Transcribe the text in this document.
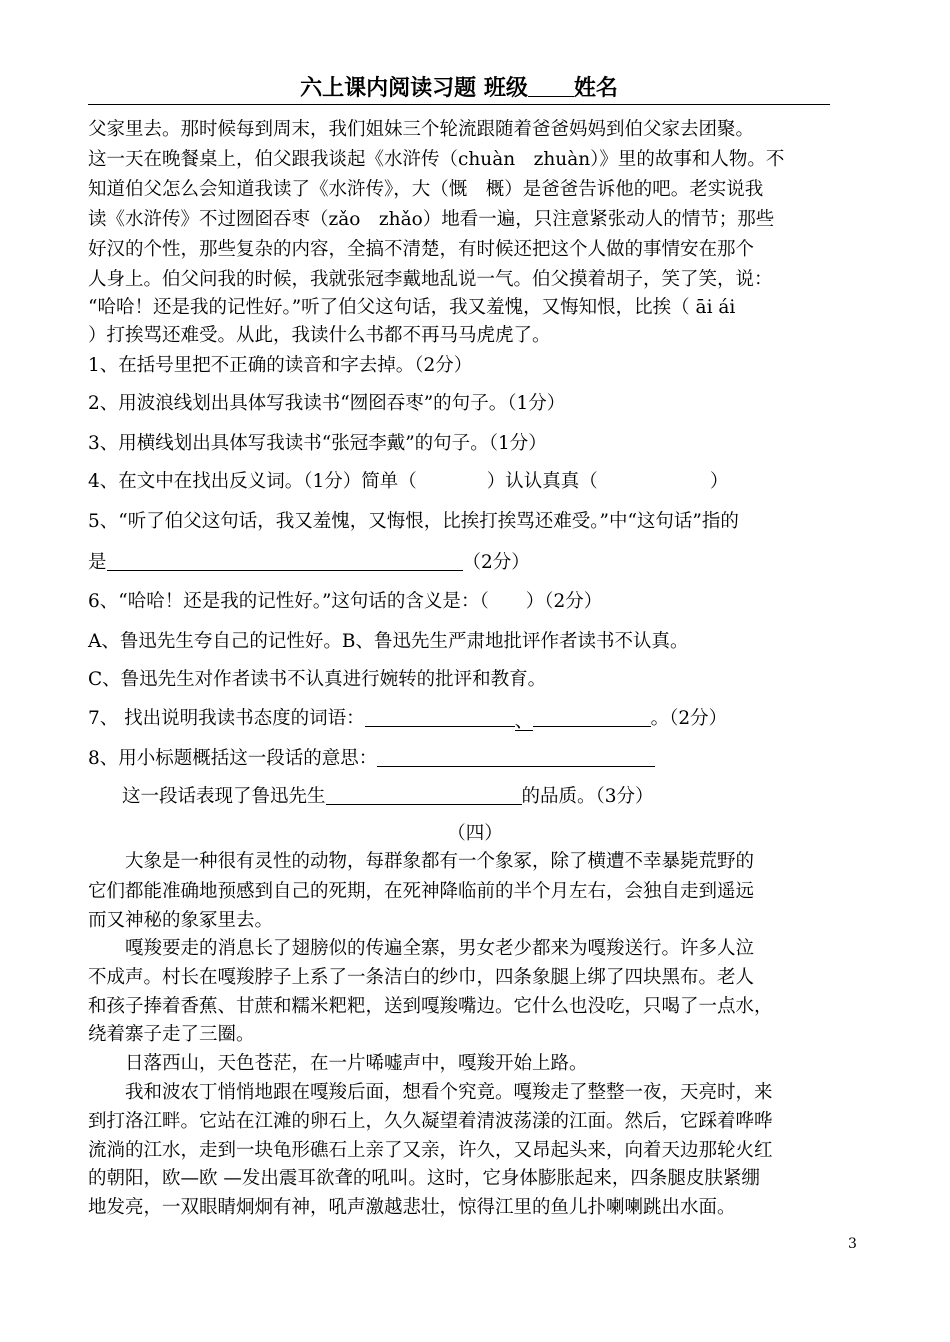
六上课内阅读习题 班级 姓名
父家里去。那时候每到周末，我们姐妹三个轮流跟随着爸爸妈妈到伯父家去团聚。
这一天在晚餐桌上，伯父跟我谈起《水浒传（chuàn　zhuàn）》里的故事和人物。不
知道伯父怎么会知道我读了《水浒传》，大（慨　概）是爸爸告诉他的吧。老实说我
读《水浒传》不过囫囵吞枣（zǎo　zhǎo）地看一遍，只注意紧张动人的情节；那些
好汉的个性，那些复杂的内容，全搞不清楚，有时候还把这个人做的事情安在那个
人身上。伯父问我的时候，我就张冠李戴地乱说一气。伯父摸着胡子，笑了笑，说：
“哈哈！还是我的记性好。”听了伯父这句话，我又羞愧，又悔知恨，比挨（ āi ái
）打挨骂还难受。从此，我读什么书都不再马马虎虎了。
1、在括号里把不正确的读音和字去掉。（2分）
2、用波浪线划出具体写我读书“囫囵吞枣”的句子。（1分）
3、用横线划出具体写我读书“张冠李戴”的句子。（1分）
4、在文中在找出反义词。（1分）简单（	）认认真真（	）
5、“听了伯父这句话，我又羞愧，又悔恨，比挨打挨骂还难受。”中“这句话”指的
是	（2分）
6、“哈哈！还是我的记性好。”这句话的含义是：（　　）（2分）
A、鲁迅先生夸自己的记性好。B、鲁迅先生严肃地批评作者读书不认真。
C、鲁迅先生对作者读书不认真进行婉转的批评和教育。
7、 找出说明我读书态度的词语：	、	。（2分）
8、用小标题概括这一段话的意思：
这一段话表现了鲁迅先生	的品质。（3分）
（四）
　　大象是一种很有灵性的动物，每群象都有一个象冢，除了横遭不幸暴毙荒野的
它们都能准确地预感到自己的死期，在死神降临前的半个月左右，会独自走到遥远
而又神秘的象冢里去。
　　嘎羧要走的消息长了翅膀似的传遍全寨，男女老少都来为嘎羧送行。许多人泣
不成声。村长在嘎羧脖子上系了一条洁白的纱巾，四条象腿上绑了四块黑布。老人
和孩子捧着香蕉、甘蔗和糯米粑粑，送到嘎羧嘴边。它什么也没吃，只喝了一点水，
绕着寨子走了三圈。
　　日落西山，天色苍茫，在一片唏嘘声中，嘎羧开始上路。
　　我和波农丁悄悄地跟在嘎羧后面，想看个究竟。嘎羧走了整整一夜，天亮时，来
到打洛江畔。它站在江滩的卵石上，久久凝望着清波荡漾的江面。然后，它踩着哗哗
流淌的江水，走到一块龟形礁石上亲了又亲，许久，又昂起头来，向着天边那轮火红
的朝阳，欧—欧 —发出震耳欲聋的吼叫。这时，它身体膨胀起来，四条腿皮肤紧绷
地发亮，一双眼睛炯炯有神，吼声激越悲壮，惊得江里的鱼儿扑喇喇跳出水面。
3
